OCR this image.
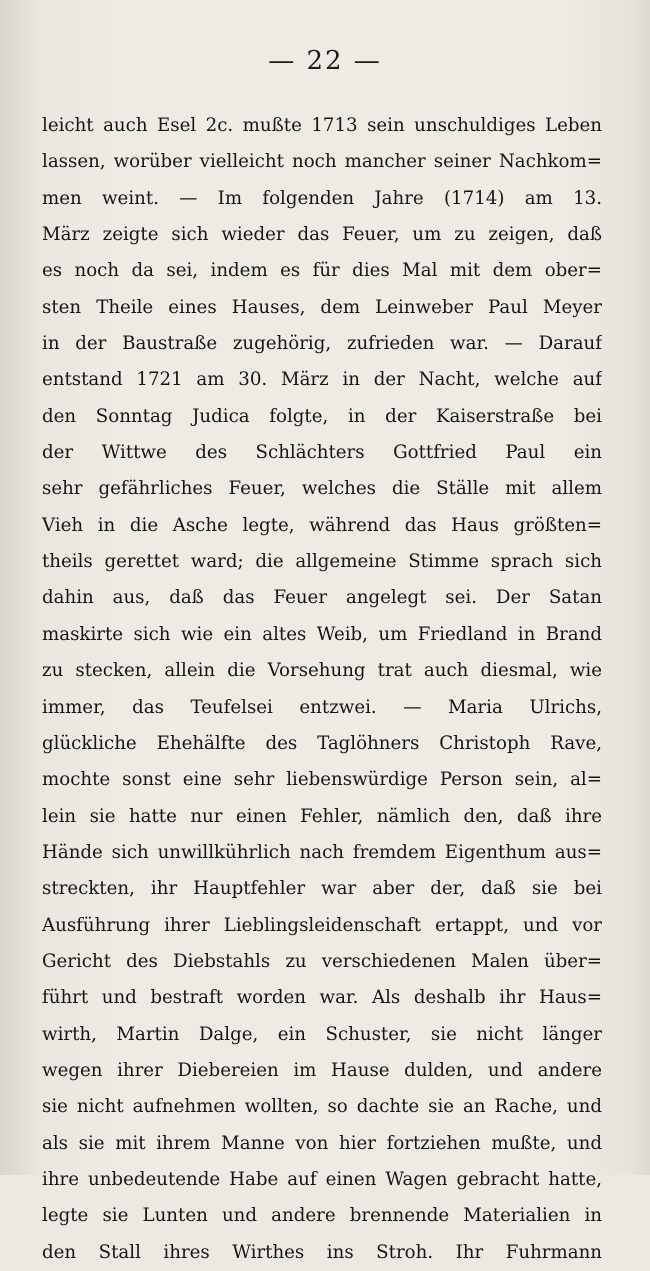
— 22 —
leicht auch Esel 2c. mußte 1713 sein unschuldiges Leben
lassen, worüber vielleicht noch mancher seiner Nachkom=
men weint. — Im folgenden Jahre (1714) am 13.
März zeigte sich wieder das Feuer, um zu zeigen, daß
es noch da sei, indem es für dies Mal mit dem ober=
sten Theile eines Hauses, dem Leinweber Paul Meyer
in der Baustraße zugehörig, zufrieden war. — Darauf
entstand 1721 am 30. März in der Nacht, welche auf
den Sonntag Judica folgte, in der Kaiserstraße bei
der Wittwe des Schlächters Gottfried Paul ein
sehr gefährliches Feuer, welches die Ställe mit allem
Vieh in die Asche legte, während das Haus größten=
theils gerettet ward; die allgemeine Stimme sprach sich
dahin aus, daß das Feuer angelegt sei. Der Satan
maskirte sich wie ein altes Weib, um Friedland in Brand
zu stecken, allein die Vorsehung trat auch diesmal, wie
immer, das Teufelsei entzwei. — Maria Ulrichs,
glückliche Ehehälfte des Taglöhners Christoph Rave,
mochte sonst eine sehr liebenswürdige Person sein, al=
lein sie hatte nur einen Fehler, nämlich den, daß ihre
Hände sich unwillkührlich nach fremdem Eigenthum aus=
streckten, ihr Hauptfehler war aber der, daß sie bei
Ausführung ihrer Lieblingsleidenschaft ertappt, und vor
Gericht des Diebstahls zu verschiedenen Malen über=
führt und bestraft worden war. Als deshalb ihr Haus=
wirth, Martin Dalge, ein Schuster, sie nicht länger
wegen ihrer Diebereien im Hause dulden, und andere
sie nicht aufnehmen wollten, so dachte sie an Rache, und
als sie mit ihrem Manne von hier fortziehen mußte, und
ihre unbedeutende Habe auf einen Wagen gebracht hatte,
legte sie Lunten und andere brennende Materialien in
den Stall ihres Wirthes ins Stroh. Ihr Fuhrmann
